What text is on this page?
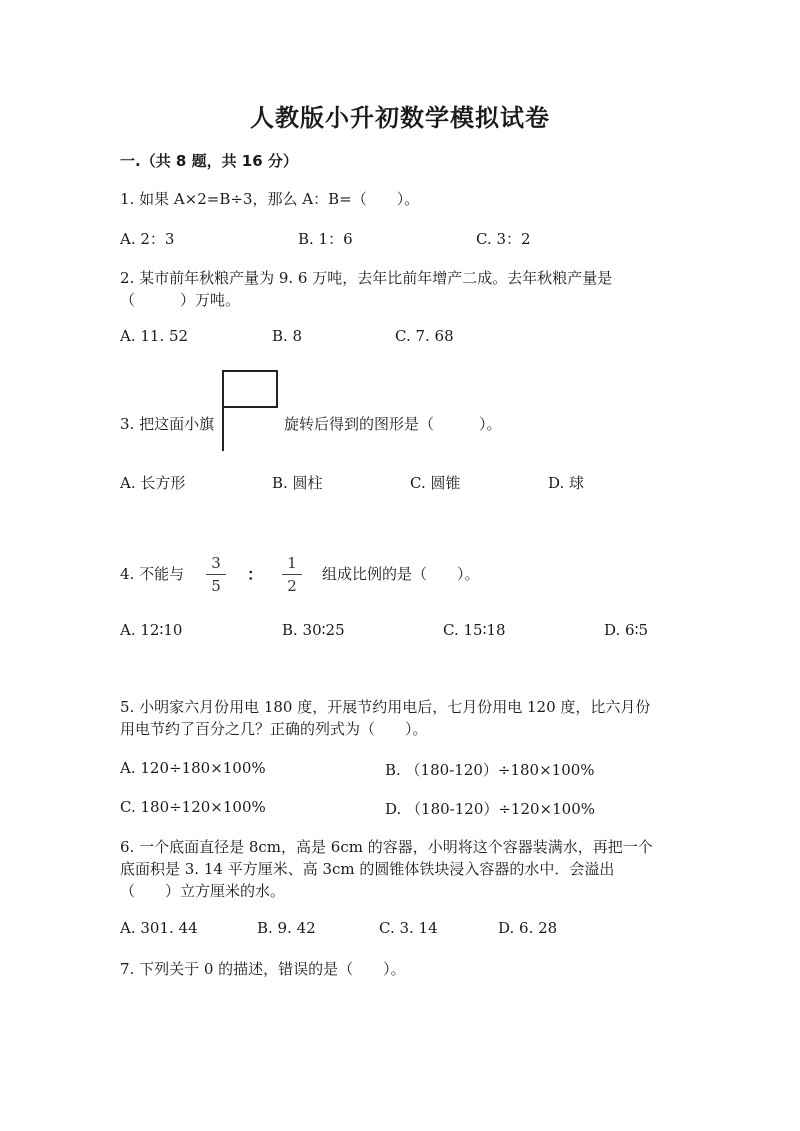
人教版小升初数学模拟试卷
一.（共 8 题，共 16 分）
1. 如果 A×2=B÷3，那么 A：B=（　　）。
A. 2：3	B. 1：6	C. 3：2
2. 某市前年秋粮产量为 9. 6 万吨，去年比前年增产二成。去年秋粮产量是
（　　　）万吨。
A. 11. 52	B. 8	C. 7. 68
3. 把这面小旗	旋转后得到的图形是（　　　）。
A. 长方形	B. 圆柱	C. 圆锥	D. 球
4. 不能与
3
5
：
1
2
组成比例的是（　　）。
A. 12∶10	B. 30∶25	C. 15∶18	D. 6∶5
5. 小明家六月份用电 180 度，开展节约用电后，七月份用电 120 度，比六月份
用电节约了百分之几？正确的列式为（　　）。
A. 120÷180×100%	B. （180-120）÷180×100%
C. 180÷120×100%	D. （180-120）÷120×100%
6. 一个底面直径是 8cm，高是 6cm 的容器，小明将这个容器装满水，再把一个
底面积是 3. 14 平方厘米、高 3cm 的圆锥体铁块浸入容器的水中．会溢出
（　　）立方厘米的水。
A. 301. 44	B. 9. 42	C. 3. 14	D. 6. 28
7. 下列关于 0 的描述，错误的是（　　）。
